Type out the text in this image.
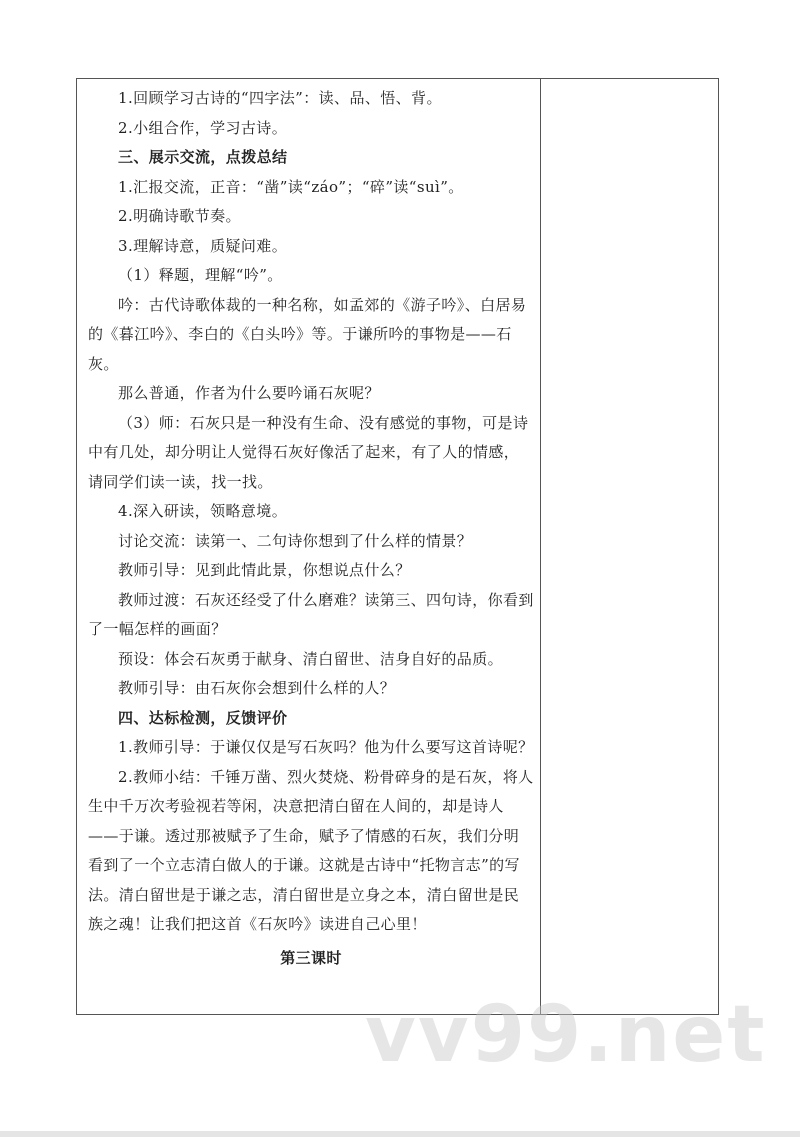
1.回顾学习古诗的“四字法”：读、品、悟、背。

2.小组合作，学习古诗。

三、展示交流，点拨总结

1.汇报交流，正音：“凿”读“záo”；“碎”读“suì”。

2.明确诗歌节奏。

3.理解诗意，质疑问难。

（1）释题，理解“吟”。

吟：古代诗歌体裁的一种名称，如孟郊的《游子吟》、白居易的《暮江吟》、李白的《白头吟》等。于谦所吟的事物是——石灰。

那么普通，作者为什么要吟诵石灰呢？

（3）师：石灰只是一种没有生命、没有感觉的事物，可是诗中有几处，却分明让人觉得石灰好像活了起来，有了人的情感，请同学们读一读，找一找。

4.深入研读，领略意境。

讨论交流：读第一、二句诗你想到了什么样的情景？

教师引导：见到此情此景，你想说点什么？

教师过渡：石灰还经受了什么磨难？读第三、四句诗，你看到了一幅怎样的画面？

预设：体会石灰勇于献身、清白留世、洁身自好的品质。

教师引导：由石灰你会想到什么样的人？

四、达标检测，反馈评价

1.教师引导：于谦仅仅是写石灰吗？他为什么要写这首诗呢？

2.教师小结：千锤万凿、烈火焚烧、粉骨碎身的是石灰，将人生中千万次考验视若等闲，决意把清白留在人间的，却是诗人——于谦。透过那被赋予了生命，赋予了情感的石灰，我们分明看到了一个立志清白做人的于谦。这就是古诗中“托物言志”的写法。清白留世是于谦之志，清白留世是立身之本，清白留世是民族之魂！让我们把这首《石灰吟》读进自己心里！

第三课时

vv99.net
